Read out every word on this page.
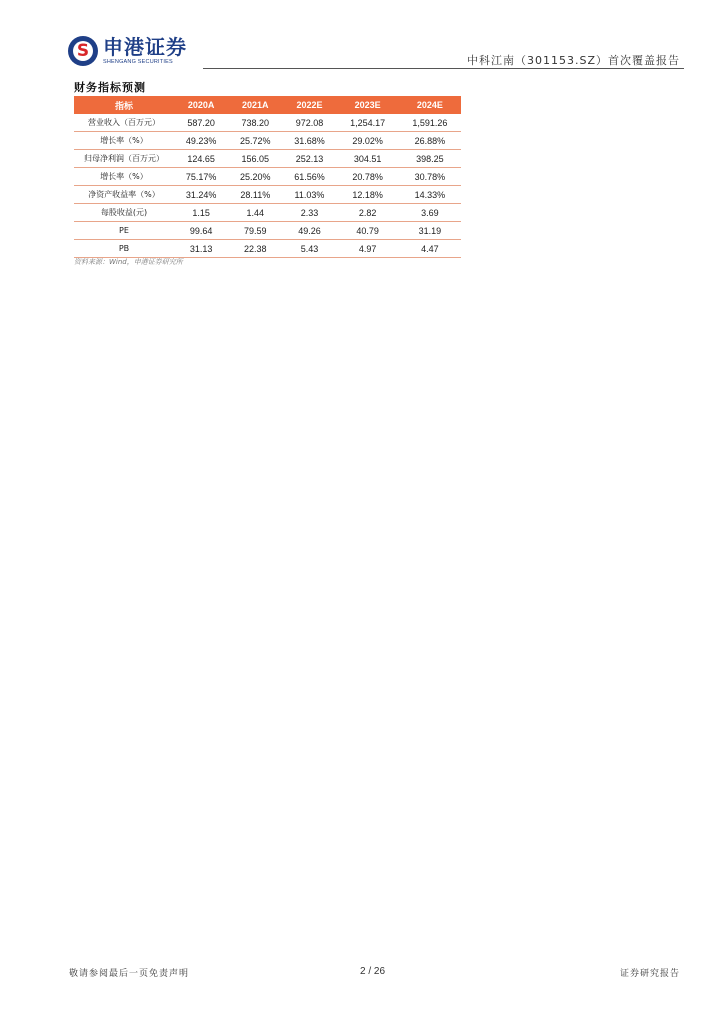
S 申港证券
SHENGANG SECURITIES	中科江南（301153.SZ）首次覆盖报告
财务指标预测
指标	2020A	2021A	2022E	2023E	2024E
营业收入（百万元）	587.20	738.20	972.08	1,254.17	1,591.26
增长率（%）	49.23%	25.72%	31.68%	29.02%	26.88%
归母净利润（百万元）	124.65	156.05	252.13	304.51	398.25
增长率（%）	75.17%	25.20%	61.56%	20.78%	30.78%
净资产收益率（%）	31.24%	28.11%	11.03%	12.18%	14.33%
每股收益(元)	1.15	1.44	2.33	2.82	3.69
PE	99.64	79.59	49.26	40.79	31.19
PB	31.13	22.38	5.43	4.97	4.47
资料来源：Wind，申港证券研究所
敬请参阅最后一页免责声明	2 / 26	证券研究报告
